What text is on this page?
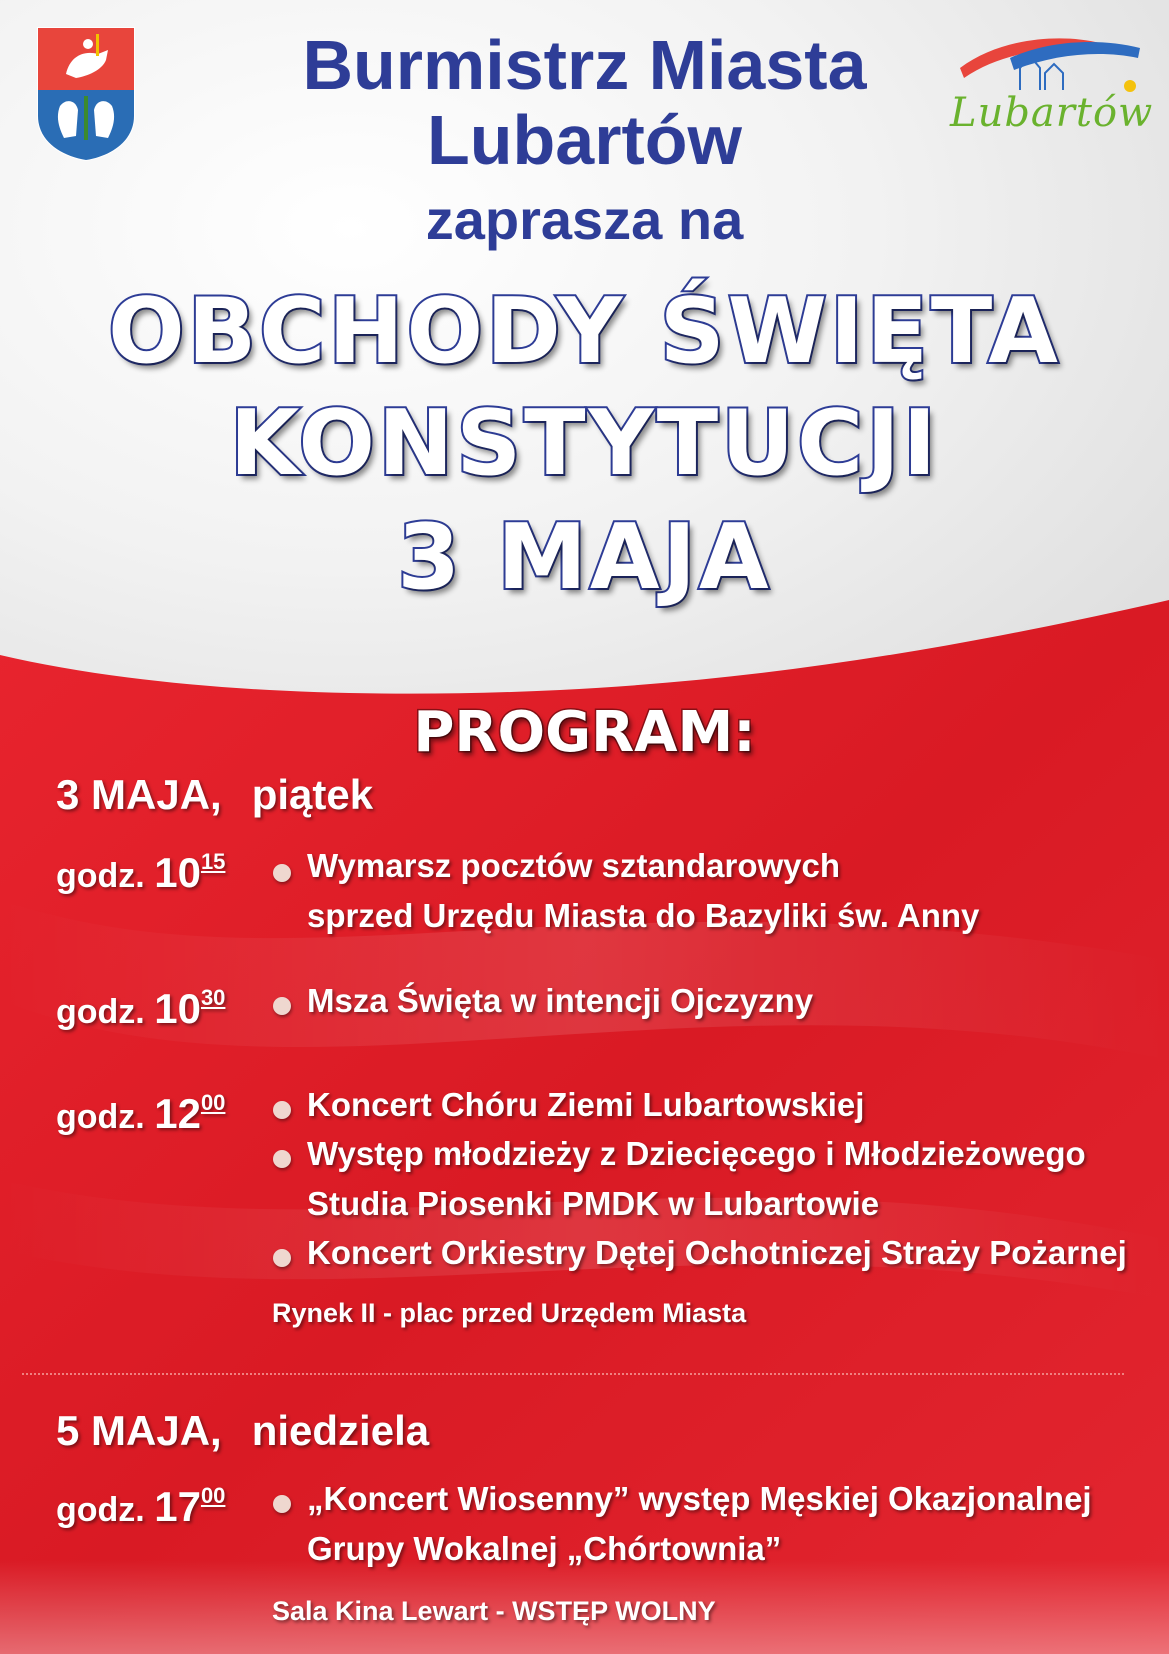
Lubartów
Burmistrz Miasta
Lubartów
zaprasza na
OBCHODY ŚWIĘTA
KONSTYTUCJI
3 MAJA
PROGRAM:
3 MAJA, piątek
godz. $10^{15}$ Wymarsz pocztów sztandarowych
sprzed Urzędu Miasta do Bazyliki św. Anny
godz. $10^{30}$ Msza Święta w intencji Ojczyzny
godz. $12^{00}$ Koncert Chóru Ziemi Lubartowskiej
Występ młodzieży z Dziecięcego i Młodzieżowego
Studia Piosenki PMDK w Lubartowie
Koncert Orkiestry Dętej Ochotniczej Straży Pożarnej
Rynek II - plac przed Urzędem Miasta
5 MAJA, niedziela
godz. $17^{00}$ „Koncert Wiosenny” występ Męskiej Okazjonalnej
Grupy Wokalnej „Chórtownia”
Sala Kina Lewart - WSTĘP WOLNY
